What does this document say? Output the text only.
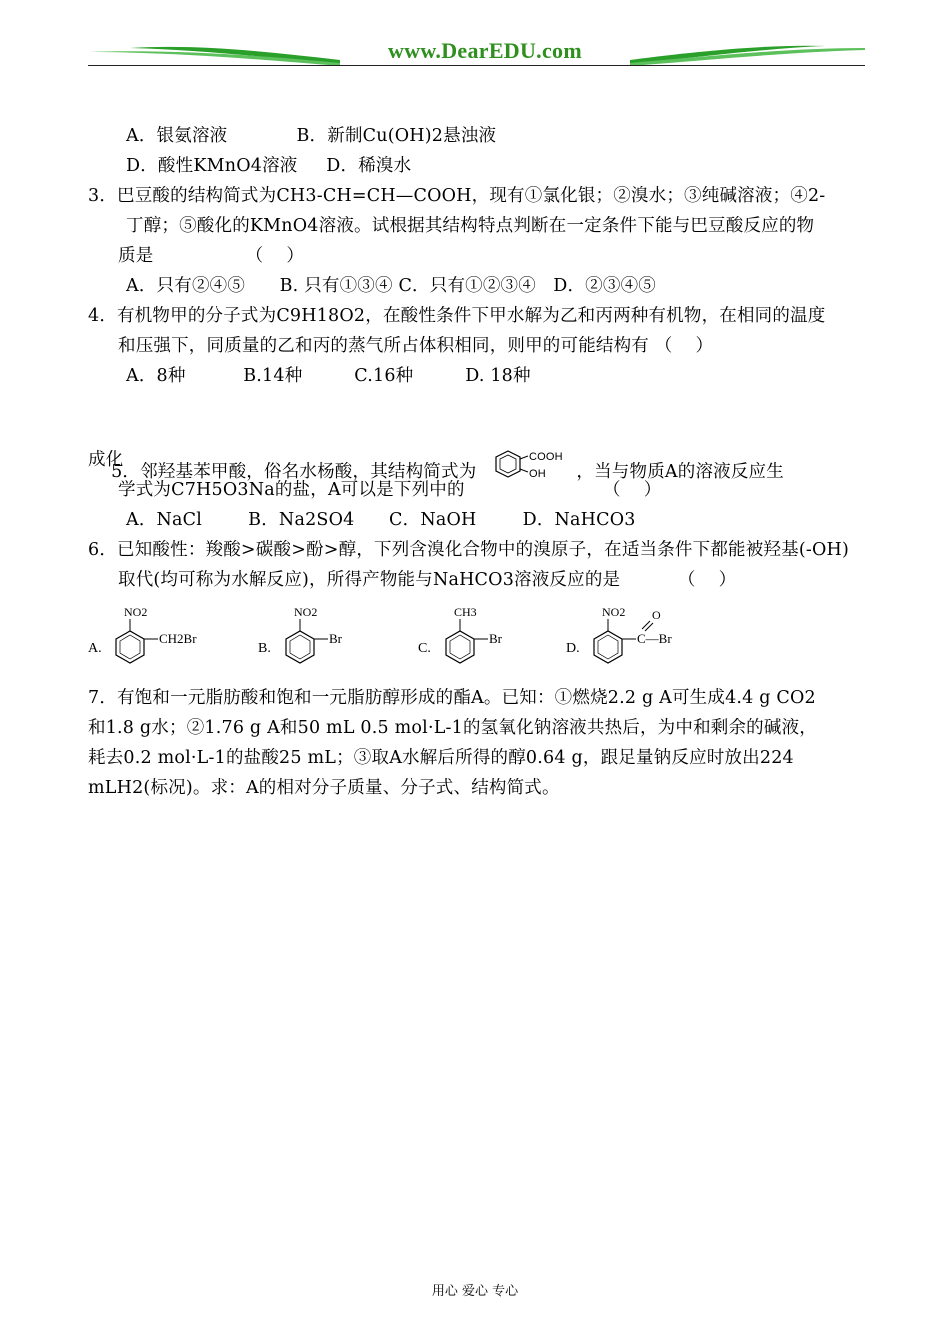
www.DearEDU.com
A．银氨溶液            B．新制Cu(OH)2悬浊液
D．酸性KMnO4溶液     D．稀溴水
3．巴豆酸的结构简式为CH3-CH=CH—COOH，现有①氯化银；②溴水；③纯碱溶液；④2-
丁醇；⑤酸化的KMnO4溶液。试根据其结构特点判断在一定条件下能与巴豆酸反应的物
质是                （    ）
A．只有②④⑤      B. 只有①③④ C．只有①②③④   D．②③④⑤
4．有机物甲的分子式为C9H18O2，在酸性条件下甲水解为乙和丙两种有机物，在相同的温度
和压强下，同质量的乙和丙的蒸气所占体积相同，则甲的可能结构有 （    ）
A．8种          B.14种         C.16种         D. 18种

5．邻羟基苯甲酸，俗名水杨酸，其结构简式为
COOH
OH ，当与物质A的溶液反应生

成化
学式为C7H5O3Na的盐，A可以是下列中的                        （    ）
A．NaCl        B．Na2SO4      C．NaOH        D．NaHCO3
6．已知酸性：羧酸>碳酸>酚>醇，下列含溴化合物中的溴原子，在适当条件下都能被羟基(-OH)
取代(均可称为水解反应)，所得产物能与NaHCO3溶液反应的是          （    ）
A.
NO2
CH2Br
B.
NO2
Br
C.
CH3
Br
D.
NO2
C—Br
O
7．有饱和一元脂肪酸和饱和一元脂肪醇形成的酯A。已知：①燃烧2.2 g A可生成4.4 g CO2
和1.8 g水；②1.76 g A和50 mL 0.5 mol·L-1的氢氧化钠溶液共热后，为中和剩余的碱液，
耗去0.2 mol·L-1的盐酸25 mL；③取A水解后所得的醇0.64 g，跟足量钠反应时放出224
mLH2(标况)。求：A的相对分子质量、分子式、结构简式。
用心 爱心 专心
